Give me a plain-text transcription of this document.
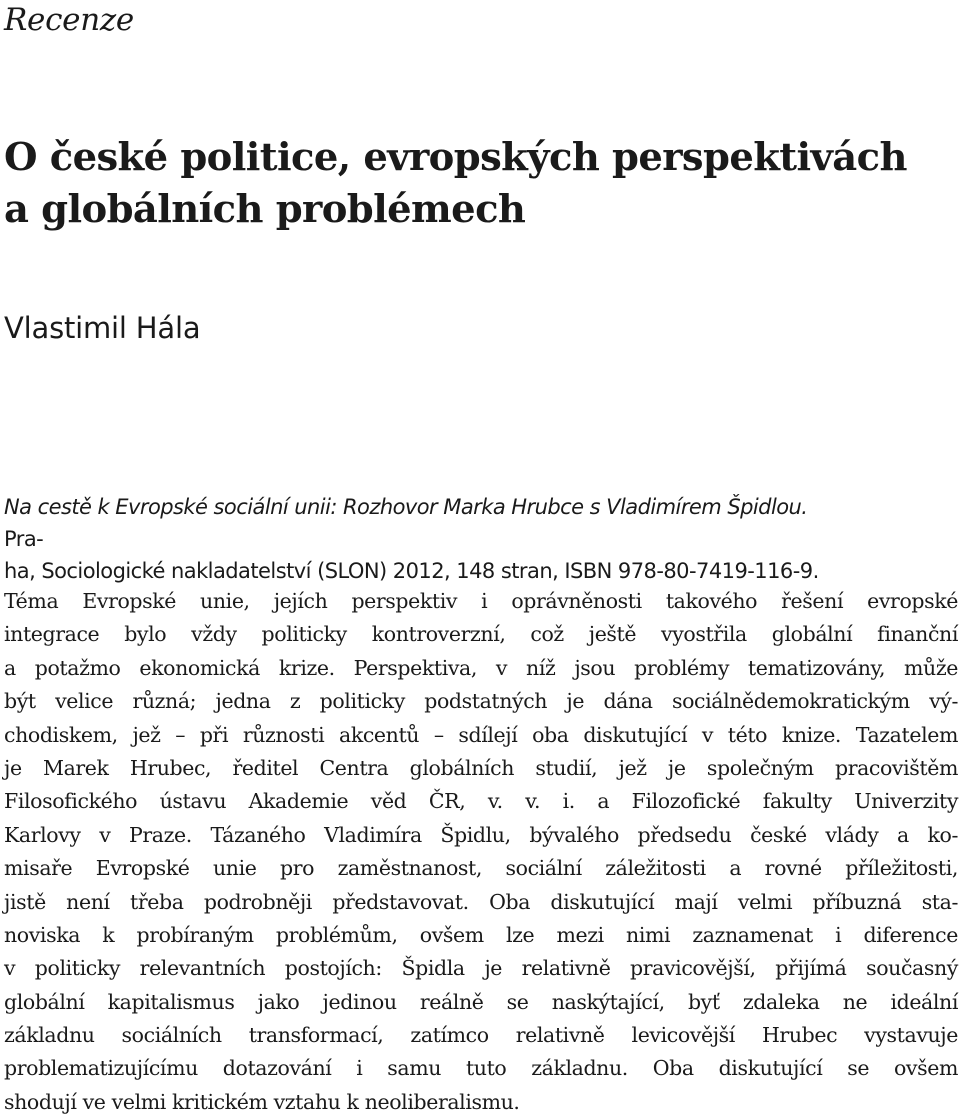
Recenze

O české politice, evropských perspektivách
a globálních problémech

Vlastimil Hála

Na cestě k Evropské sociální unii: Rozhovor Marka Hrubce s Vladimírem Špidlou.
Pra-
ha, Sociologické nakladatelství (SLON) 2012, 148 stran, ISBN 978-80-7419-116-9.

Téma Evropské unie, jejích perspektiv i oprávněnosti takového řešení evropské
integrace bylo vždy politicky kontroverzní, což ještě vyostřila globální finanční
a potažmo ekonomická krize. Perspektiva, v níž jsou problémy tematizovány, může
být velice různá; jedna z politicky podstatných je dána sociálnědemokratickým vý-
chodiskem, jež – při různosti akcentů – sdílejí oba diskutující v této knize. Tazatelem
je Marek Hrubec, ředitel Centra globálních studií, jež je společným pracovištěm
Filosofického ústavu Akademie věd ČR, v. v. i. a Filozofické fakulty Univerzity
Karlovy v Praze. Tázaného Vladimíra Špidlu, bývalého předsedu české vlády a ko-
misaře Evropské unie pro zaměstnanost, sociální záležitosti a rovné příležitosti,
jistě není třeba podrobněji představovat. Oba diskutující mají velmi příbuzná sta-
noviska k probíraným problémům, ovšem lze mezi nimi zaznamenat i diference
v politicky relevantních postojích: Špidla je relativně pravicovější, přijímá současný
globální kapitalismus jako jedinou reálně se naskýtající, byť zdaleka ne ideální
základnu sociálních transformací, zatímco relativně levicovější Hrubec vystavuje
problematizujícímu dotazování i samu tuto základnu. Oba diskutující se ovšem
shodují ve velmi kritickém vztahu k neoliberalismu.
